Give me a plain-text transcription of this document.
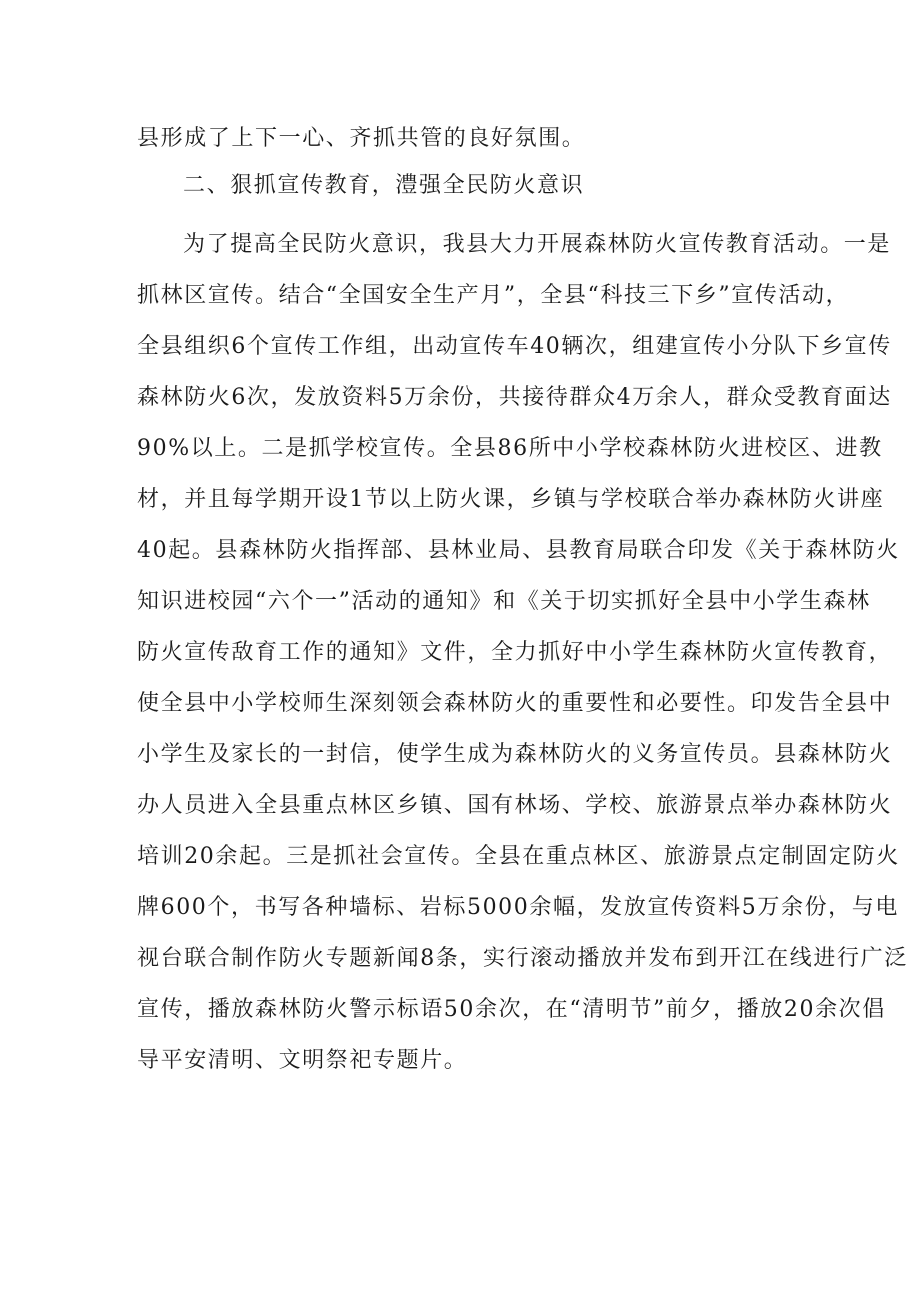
县形成了上下一心、齐抓共管的良好氛围。
二、狠抓宣传教育，澧强全民防火意识
为了提高全民防火意识，我县大力开展森林防火宣传教育活动。一是
抓林区宣传。结合“全国安全生产月”，全县“科技三下乡”宣传活动，
全县组织6个宣传工作组，出动宣传车40辆次，组建宣传小分队下乡宣传
森林防火6次，发放资料5万余份，共接待群众4万余人，群众受教育面达
90%以上。二是抓学校宣传。全县86所中小学校森林防火进校区、进教
材，并且每学期开设1节以上防火课，乡镇与学校联合举办森林防火讲座
40起。县森林防火指挥部、县林业局、县教育局联合印发《关于森林防火
知识进校园“六个一”活动的通知》和《关于切实抓好全县中小学生森林
防火宣传敌育工作的通知》文件，全力抓好中小学生森林防火宣传教育，
使全县中小学校师生深刻领会森林防火的重要性和必要性。印发告全县中
小学生及家长的一封信，使学生成为森林防火的义务宣传员。县森林防火
办人员进入全县重点林区乡镇、国有林场、学校、旅游景点举办森林防火
培训20余起。三是抓社会宣传。全县在重点林区、旅游景点定制固定防火
牌600个，书写各种墙标、岩标5000余幅，发放宣传资料5万余份，与电
视台联合制作防火专题新闻8条，实行滚动播放并发布到开江在线进行广泛
宣传，播放森林防火警示标语50余次，在“清明节”前夕，播放20余次倡
导平安清明、文明祭祀专题片。
